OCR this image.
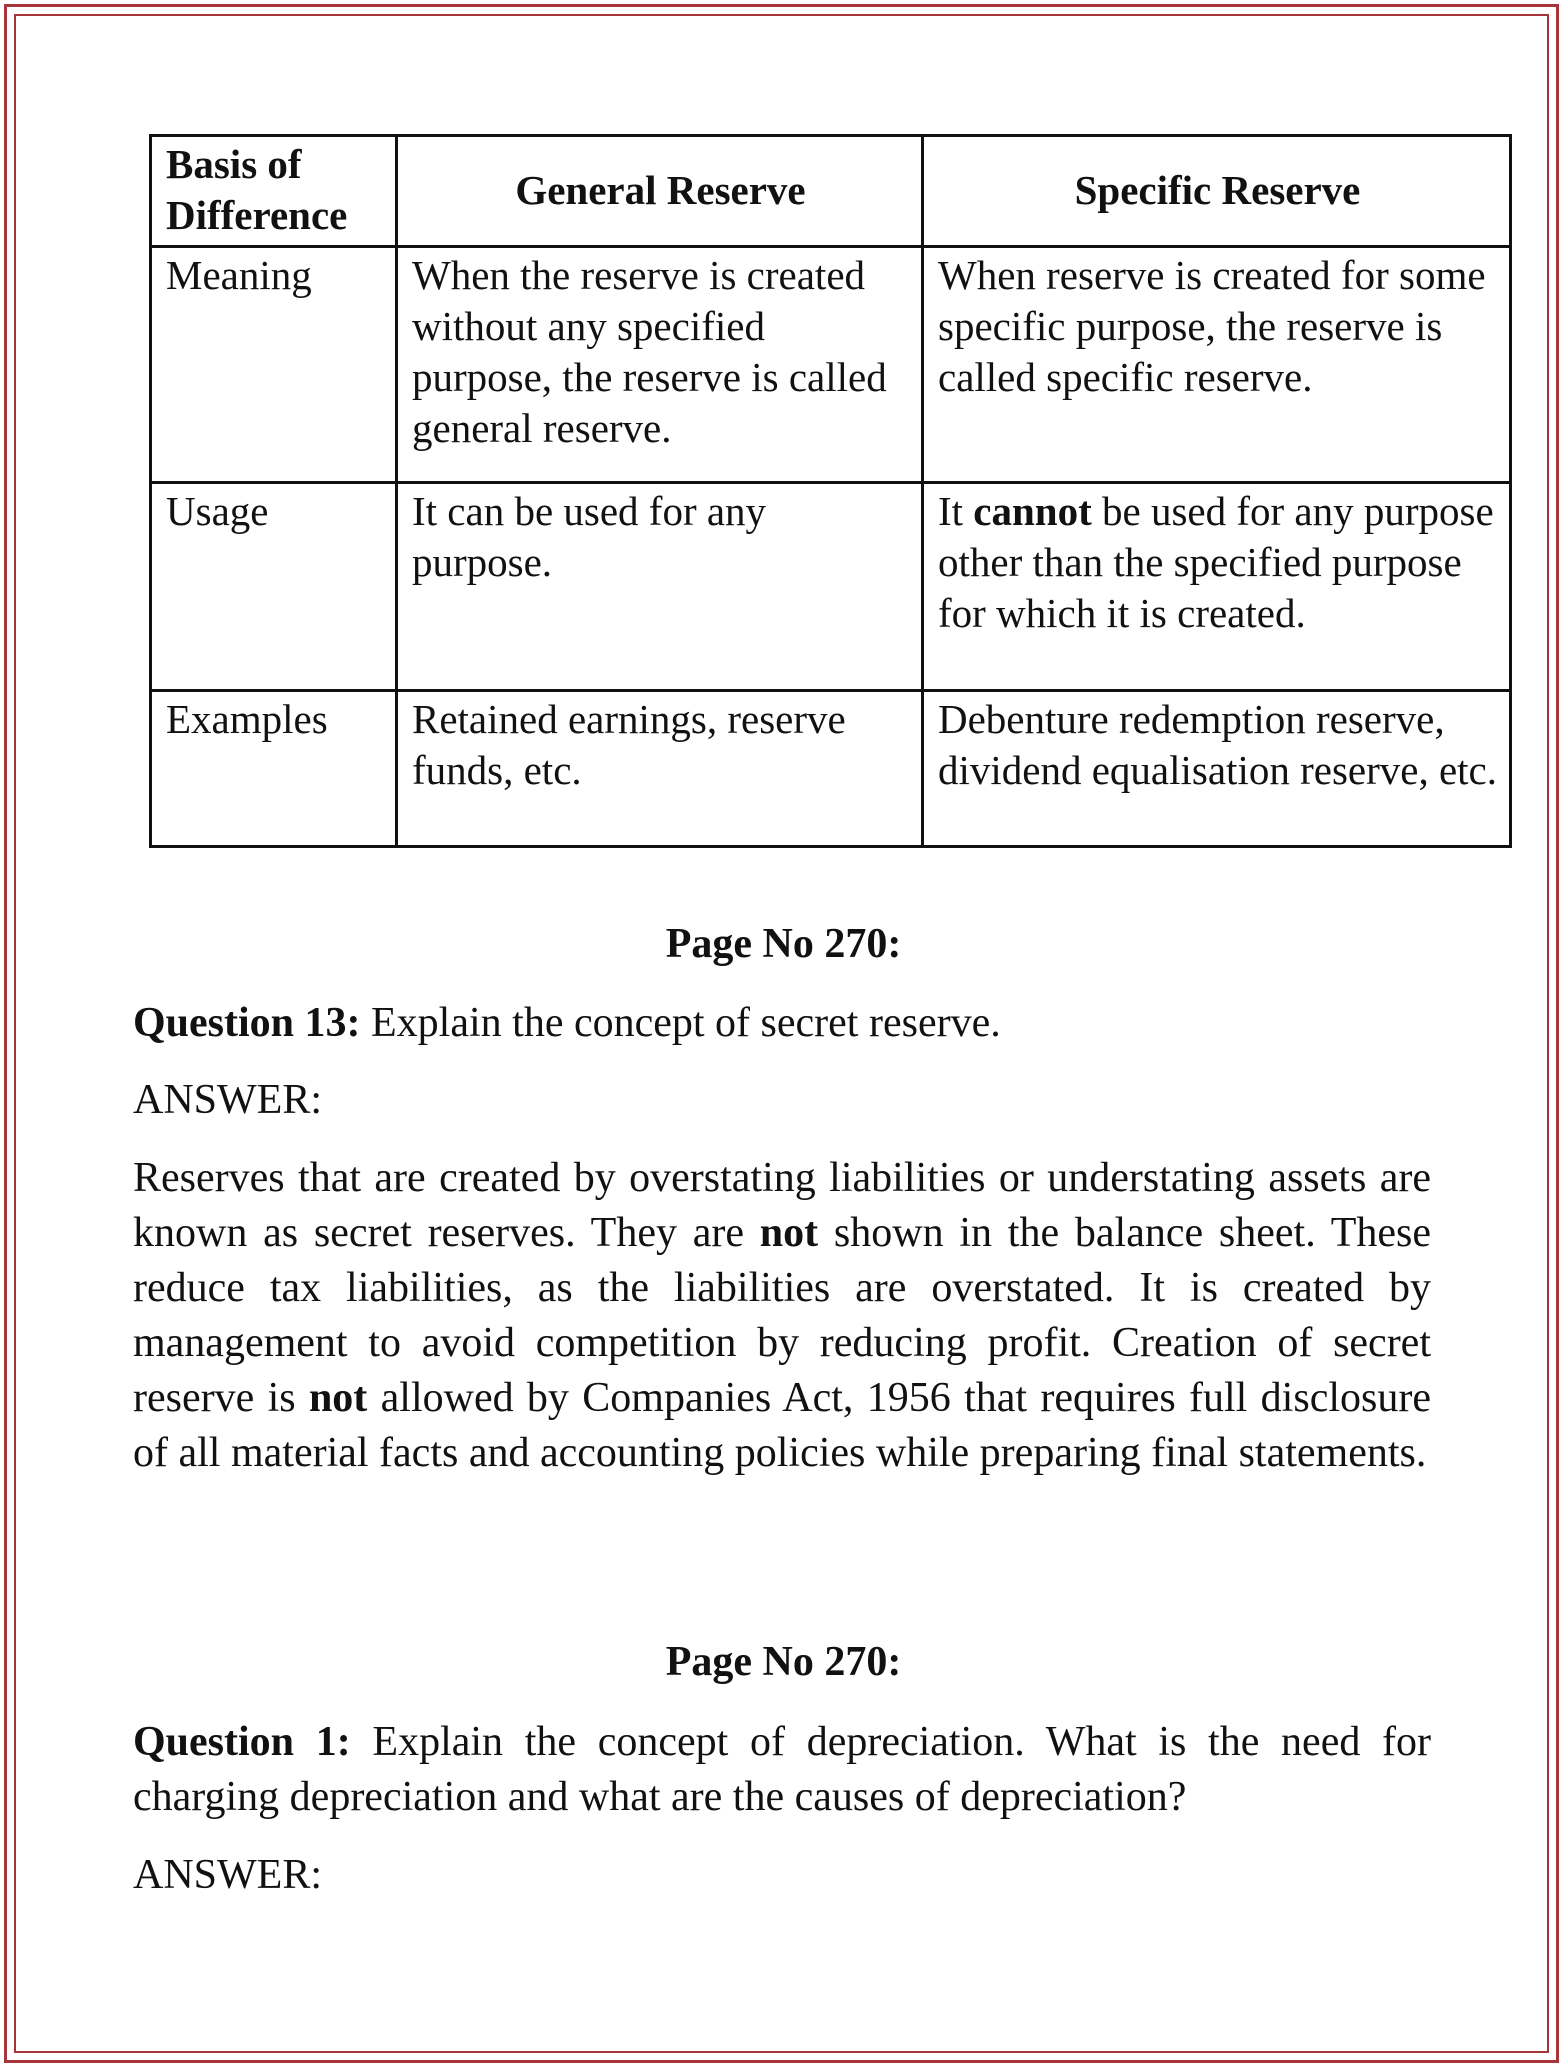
Basis of Difference	General Reserve	Specific Reserve
Meaning	When the reserve is created without any specified purpose, the reserve is called general reserve.	When reserve is created for some specific purpose, the reserve is called specific reserve.
Usage	It can be used for any purpose.	It cannot be used for any purpose other than the specified purpose for which it is created.
Examples	Retained earnings, reserve funds, etc.	Debenture redemption reserve, dividend equalisation reserve, etc.
Page No 270:
Question 13: Explain the concept of secret reserve.
ANSWER:
Reserves that are created by overstating liabilities or understating assets are known as secret reserves. They are not shown in the balance sheet. These reduce tax liabilities, as the liabilities are overstated. It is created by management to avoid competition by reducing profit. Creation of secret reserve is not allowed by Companies Act, 1956 that requires full disclosure of all material facts and accounting policies while preparing final statements.
Page No 270:
Question 1: Explain the concept of depreciation. What is the need for charging depreciation and what are the causes of depreciation?
ANSWER:
